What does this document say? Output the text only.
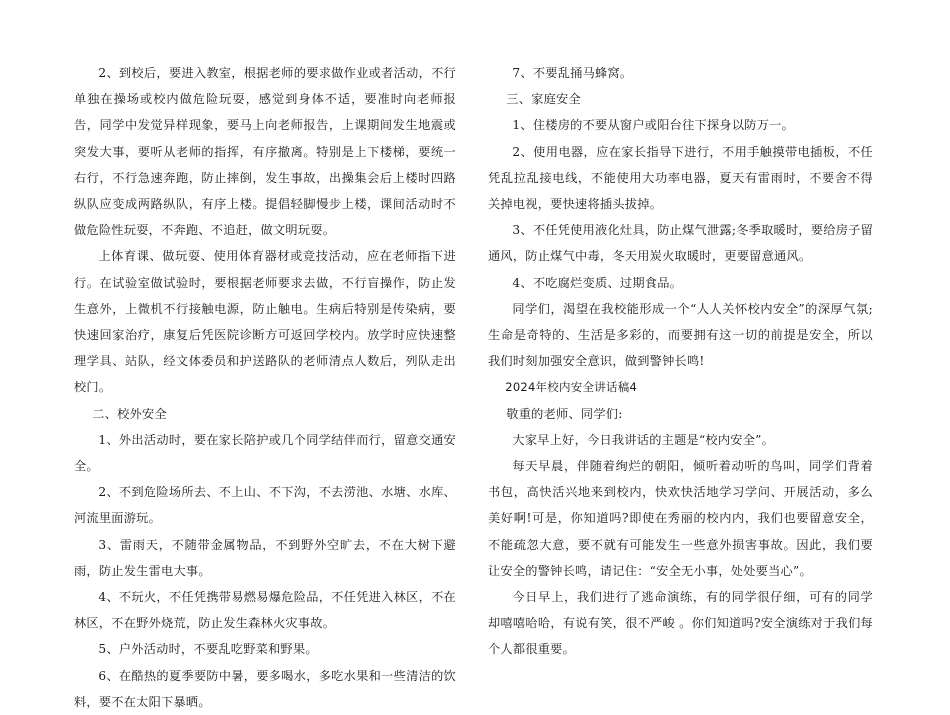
2、到校后，要进入教室，根据老师的要求做作业或者活动，不行单独在操场或校内做危险玩耍，感觉到身体不适，要准时向老师报告，同学中发觉异样现象，要马上向老师报告，上课期间发生地震或突发大事，要听从老师的指挥，有序撤离。特别是上下楼梯，要统一右行，不行急速奔跑，防止摔倒，发生事故，出操集会后上楼时四路纵队应变成两路纵队，有序上楼。提倡轻脚慢步上楼，课间活动时不做危险性玩耍，不奔跑、不追赶，做文明玩耍。

上体育课、做玩耍、使用体育器材或竞技活动，应在老师指下进行。在试验室做试验时，要根据老师要求去做，不行盲操作，防止发生意外，上微机不行接触电源，防止触电。生病后特别是传染病，要快速回家治疗，康复后凭医院诊断方可返回学校内。放学时应快速整理学具、站队，经文体委员和护送路队的老师清点人数后，列队走出校门。

二、校外安全

1、外出活动时，要在家长陪护或几个同学结伴而行，留意交通安全。

2、不到危险场所去、不上山、不下沟，不去涝池、水塘、水库、河流里面游玩。

3、雷雨天，不随带金属物品，不到野外空旷去，不在大树下避雨，防止发生雷电大事。

4、不玩火，不任凭携带易燃易爆危险品，不任凭进入林区，不在林区，不在野外烧荒，防止发生森林火灾事故。

5、户外活动时，不要乱吃野菜和野果。

6、在酷热的夏季要防中暑，要多喝水，多吃水果和一些清洁的饮料，要不在太阳下暴晒。

7、不要乱捅马蜂窝。

三、家庭安全

1、住楼房的不要从窗户或阳台往下探身以防万一。

2、使用电器，应在家长指导下进行，不用手触摸带电插板，不任凭乱拉乱接电线，不能使用大功率电器，夏天有雷雨时，不要舍不得关掉电视，要快速将插头拔掉。

3、不任凭使用液化灶具，防止煤气泄露;冬季取暖时，要给房子留通风，防止煤气中毒，冬天用炭火取暖时，更要留意通风。

4、不吃腐烂变质、过期食品。

同学们，渴望在我校能形成一个“人人关怀校内安全”的深厚气氛;生命是奇特的、生活是多彩的，而要拥有这一切的前提是安全，所以我们时刻加强安全意识，做到警钟长鸣!

2024年校内安全讲话稿4

敬重的老师、同学们:

大家早上好，今日我讲话的主题是“校内安全”。

每天早晨，伴随着绚烂的朝阳，倾听着动听的鸟叫，同学们背着书包，高快活兴地来到校内，快欢快活地学习学问、开展活动，多么美好啊!可是，你知道吗?即使在秀丽的校内内，我们也要留意安全，不能疏忽大意，要不就有可能发生一些意外损害事故。因此，我们要让安全的警钟长鸣，请记住：“安全无小事，处处要当心”。

今日早上，我们进行了逃命演练，有的同学很仔细，可有的同学却嘻嘻哈哈，有说有笑，很不严峻 。你们知道吗?安全演练对于我们每个人都很重要。
